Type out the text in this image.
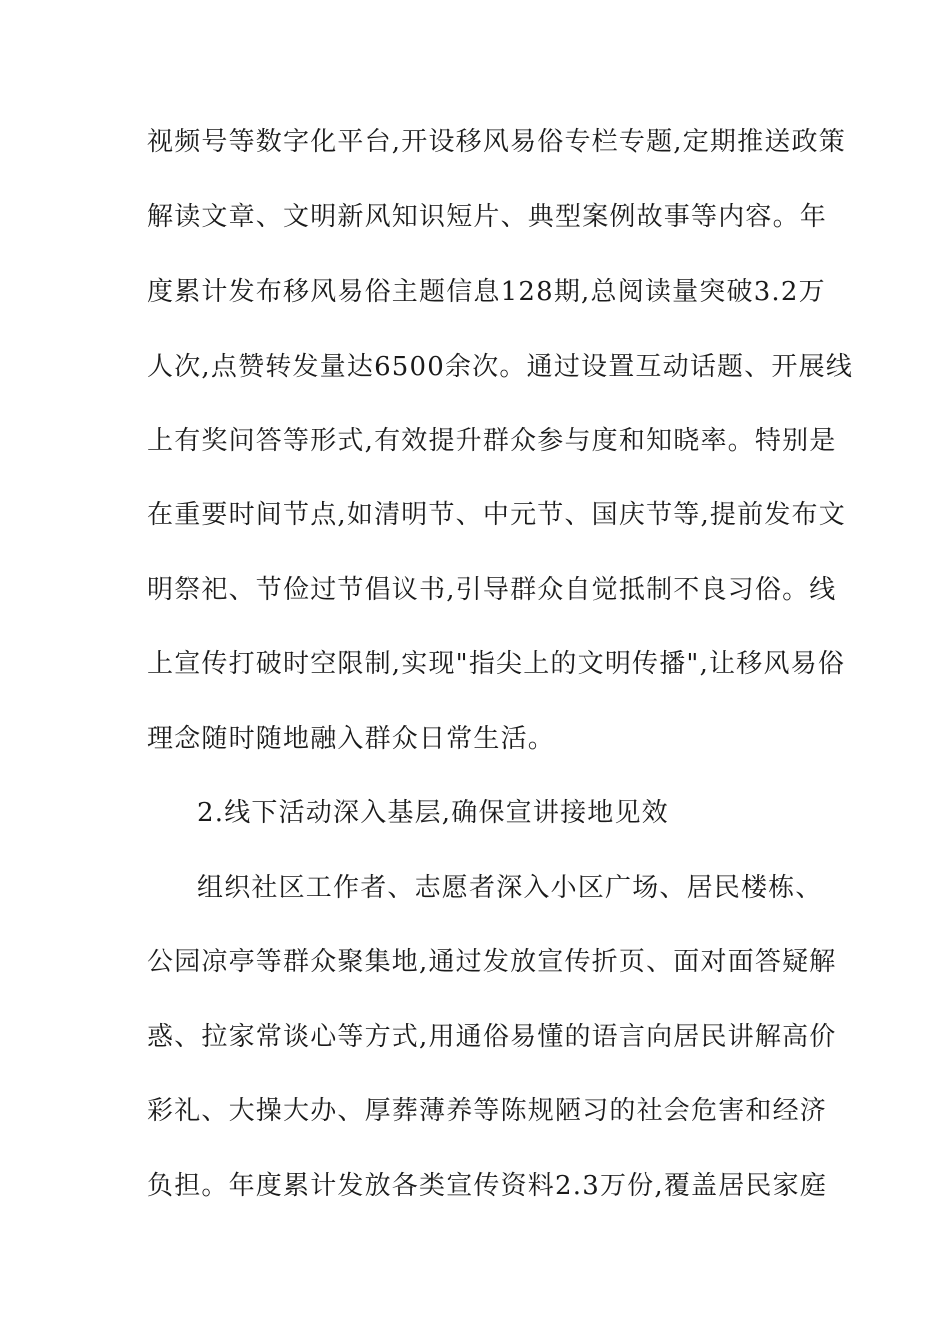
视频号等数字化平台,开设移风易俗专栏专题,定期推送政策
解读文章、文明新风知识短片、典型案例故事等内容。年
度累计发布移风易俗主题信息128期,总阅读量突破3.2万
人次,点赞转发量达6500余次。通过设置互动话题、开展线
上有奖问答等形式,有效提升群众参与度和知晓率。特别是
在重要时间节点,如清明节、中元节、国庆节等,提前发布文
明祭祀、节俭过节倡议书,引导群众自觉抵制不良习俗。线
上宣传打破时空限制,实现"指尖上的文明传播",让移风易俗
理念随时随地融入群众日常生活。
2.线下活动深入基层,确保宣讲接地见效
组织社区工作者、志愿者深入小区广场、居民楼栋、
公园凉亭等群众聚集地,通过发放宣传折页、面对面答疑解
惑、拉家常谈心等方式,用通俗易懂的语言向居民讲解高价
彩礼、大操大办、厚葬薄养等陈规陋习的社会危害和经济
负担。年度累计发放各类宣传资料2.3万份,覆盖居民家庭
